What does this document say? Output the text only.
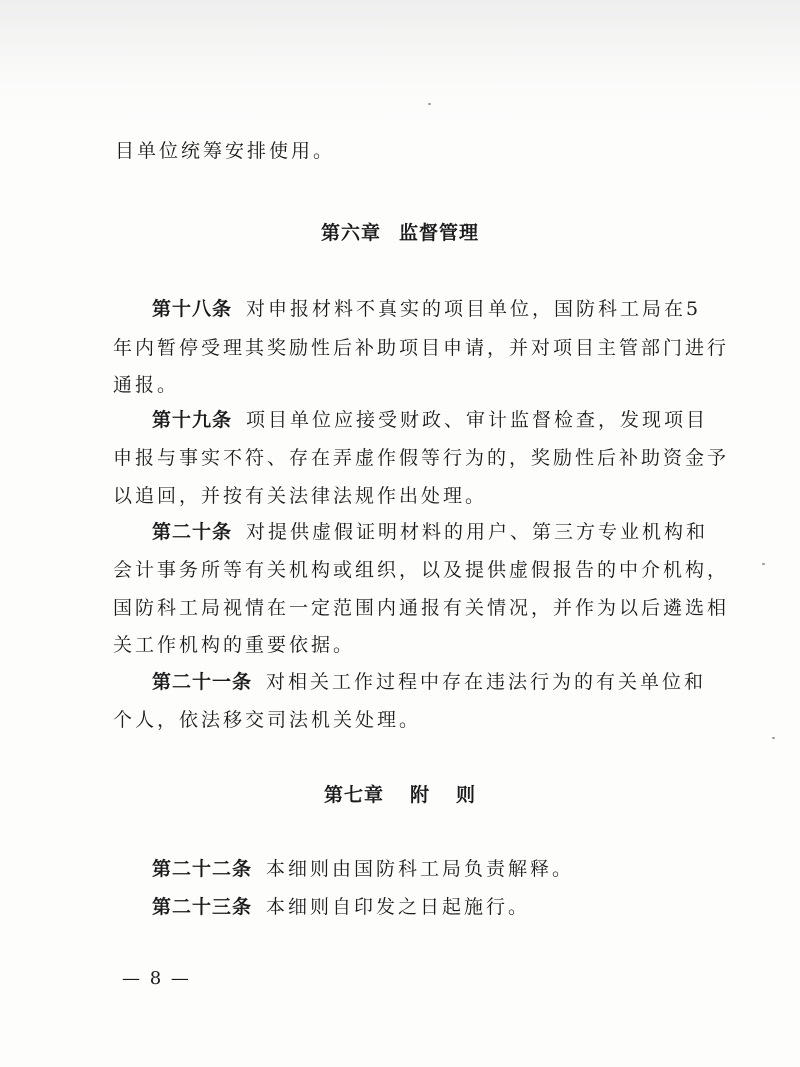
目单位统筹安排使用。
第六章 监督管理
第十八条 对申报材料不真实的项目单位，国防科工局在5
年内暂停受理其奖励性后补助项目申请，并对项目主管部门进行
通报。
第十九条 项目单位应接受财政、审计监督检查，发现项目
申报与事实不符、存在弄虚作假等行为的，奖励性后补助资金予
以追回，并按有关法律法规作出处理。
第二十条 对提供虚假证明材料的用户、第三方专业机构和
会计事务所等有关机构或组织，以及提供虚假报告的中介机构，
国防科工局视情在一定范围内通报有关情况，并作为以后遴选相
关工作机构的重要依据。
第二十一条 对相关工作过程中存在违法行为的有关单位和
个人，依法移交司法机关处理。
第七章 附 则
第二十二条 本细则由国防科工局负责解释。
第二十三条 本细则自印发之日起施行。
— 8 —
